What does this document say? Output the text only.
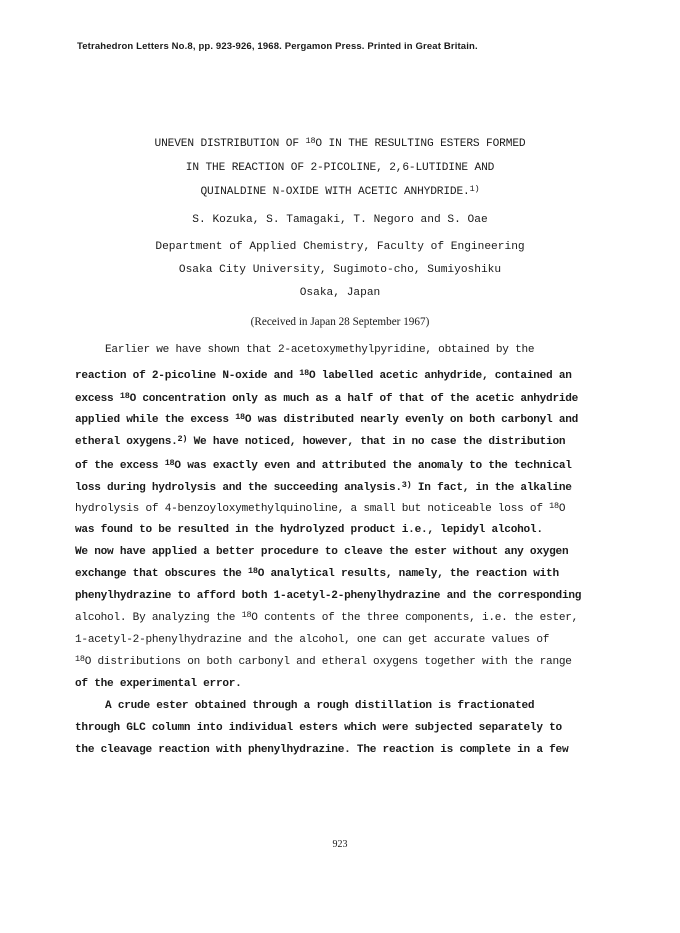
Tetrahedron Letters No.8, pp. 923-926, 1968. Pergamon Press. Printed in Great Britain.
UNEVEN DISTRIBUTION OF $^{18}$O IN THE RESULTING ESTERS FORMED
IN THE REACTION OF 2-PICOLINE, 2,6-LUTIDINE AND
QUINALDINE N-OXIDE WITH ACETIC ANHYDRIDE.$^{1)}$
S. Kozuka, S. Tamagaki, T. Negoro and S. Oae
Department of Applied Chemistry, Faculty of Engineering
Osaka City University, Sugimoto-cho, Sumiyoshiku
Osaka, Japan
(Received in Japan 28 September 1967)
Earlier we have shown that 2-acetoxymethylpyridine, obtained by the
reaction of 2-picoline N-oxide and $^{18}$O labelled acetic anhydride, contained an
excess $^{18}$O concentration only as much as a half of that of the acetic anhydride
applied while the excess $^{18}$O was distributed nearly evenly on both carbonyl and
etheral oxygens.$^{2)}$ We have noticed, however, that in no case the distribution
of the excess $^{18}$O was exactly even and attributed the anomaly to the technical
loss during hydrolysis and the succeeding analysis.$^{3)}$ In fact, in the alkaline
hydrolysis of 4-benzoyloxymethylquinoline, a small but noticeable loss of $^{18}$O
was found to be resulted in the hydrolyzed product i.e., lepidyl alcohol.
We now have applied a better procedure to cleave the ester without any oxygen
exchange that obscures the $^{18}$O analytical results, namely, the reaction with
phenylhydrazine to afford both 1-acetyl-2-phenylhydrazine and the corresponding
alcohol. By analyzing the $^{18}$O contents of the three components, i.e. the ester,
1-acetyl-2-phenylhydrazine and the alcohol, one can get accurate values of
$^{18}$O distributions on both carbonyl and etheral oxygens together with the range
of the experimental error.
A crude ester obtained through a rough distillation is fractionated
through GLC column into individual esters which were subjected separately to
the cleavage reaction with phenylhydrazine. The reaction is complete in a few
923
